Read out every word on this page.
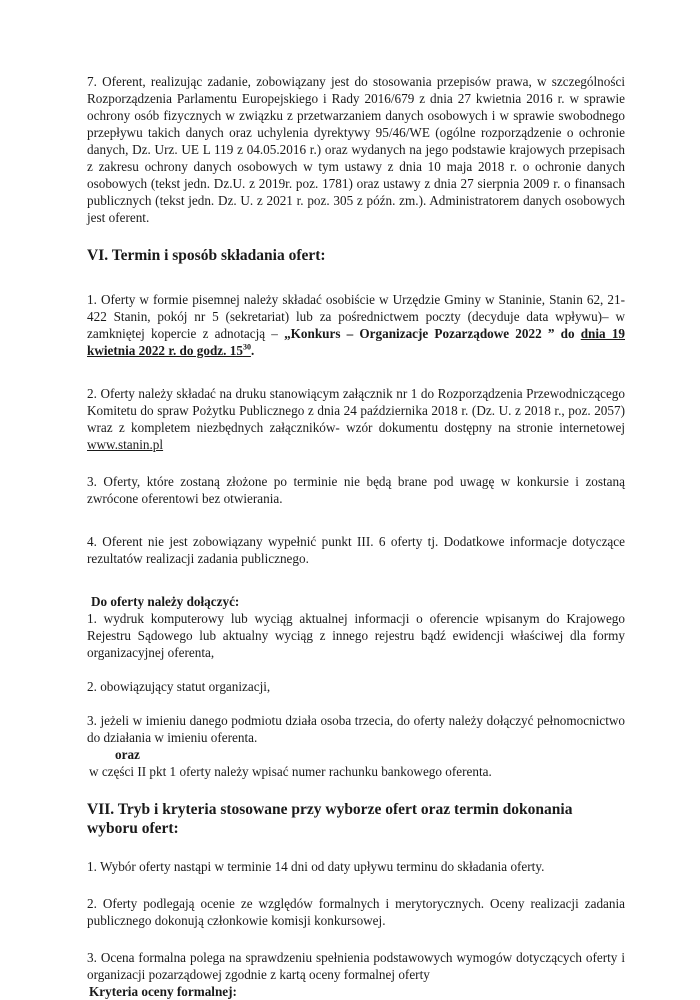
7. Oferent, realizując zadanie, zobowiązany jest do stosowania przepisów prawa, w szczególności Rozporządzenia Parlamentu Europejskiego i Rady 2016/679 z dnia 27 kwietnia 2016 r. w sprawie ochrony osób fizycznych w związku z przetwarzaniem danych osobowych i w sprawie swobodnego przepływu takich danych oraz uchylenia dyrektywy 95/46/WE (ogólne rozporządzenie o ochronie danych, Dz. Urz. UE L 119 z 04.05.2016 r.) oraz wydanych na jego podstawie krajowych przepisach z zakresu ochrony danych osobowych w tym ustawy z dnia 10 maja 2018 r. o ochronie danych osobowych (tekst jedn. Dz.U. z 2019r. poz. 1781) oraz ustawy z dnia 27 sierpnia 2009 r. o finansach publicznych (tekst jedn. Dz. U. z 2021 r. poz. 305 z późn. zm.). Administratorem danych osobowych jest oferent.

VI. Termin i sposób składania ofert:

1. Oferty w formie pisemnej należy składać osobiście w Urzędzie Gminy w Staninie, Stanin 62, 21-422 Stanin, pokój nr 5 (sekretariat) lub za pośrednictwem poczty (decyduje data wpływu)– w zamkniętej kopercie z adnotacją – „Konkurs – Organizacje Pozarządowe 2022 ” do dnia 19 kwietnia 2022 r. do godz. $15^{30}$.

2. Oferty należy składać na druku stanowiącym załącznik nr 1 do Rozporządzenia Przewodniczącego Komitetu do spraw Pożytku Publicznego z dnia 24 października 2018 r. (Dz. U. z 2018 r., poz. 2057) wraz z kompletem niezbędnych załączników- wzór dokumentu dostępny na stronie internetowej www.stanin.pl

3. Oferty, które zostaną złożone po terminie nie będą brane pod uwagę w konkursie i zostaną zwrócone oferentowi bez otwierania.

4. Oferent nie jest zobowiązany wypełnić punkt III. 6 oferty tj. Dodatkowe informacje dotyczące rezultatów realizacji zadania publicznego.

Do oferty należy dołączyć:

1. wydruk komputerowy lub wyciąg aktualnej informacji o oferencie wpisanym do Krajowego Rejestru Sądowego lub aktualny wyciąg z innego rejestru bądź ewidencji właściwej dla formy organizacyjnej oferenta,

2. obowiązujący statut organizacji,

3. jeżeli w imieniu danego podmiotu działa osoba trzecia, do oferty należy dołączyć pełnomocnictwo do działania w imieniu oferenta.

oraz

w części II pkt 1 oferty należy wpisać numer rachunku bankowego oferenta.

VII. Tryb i kryteria stosowane przy wyborze ofert oraz termin dokonania wyboru ofert:

1. Wybór oferty nastąpi w terminie 14 dni od daty upływu terminu do składania oferty.

2. Oferty podlegają ocenie ze względów formalnych i merytorycznych. Oceny realizacji zadania publicznego dokonują członkowie komisji konkursowej.

3. Ocena formalna polega na sprawdzeniu spełnienia podstawowych wymogów dotyczących oferty i organizacji pozarządowej zgodnie z kartą oceny formalnej oferty

Kryteria oceny formalnej:
